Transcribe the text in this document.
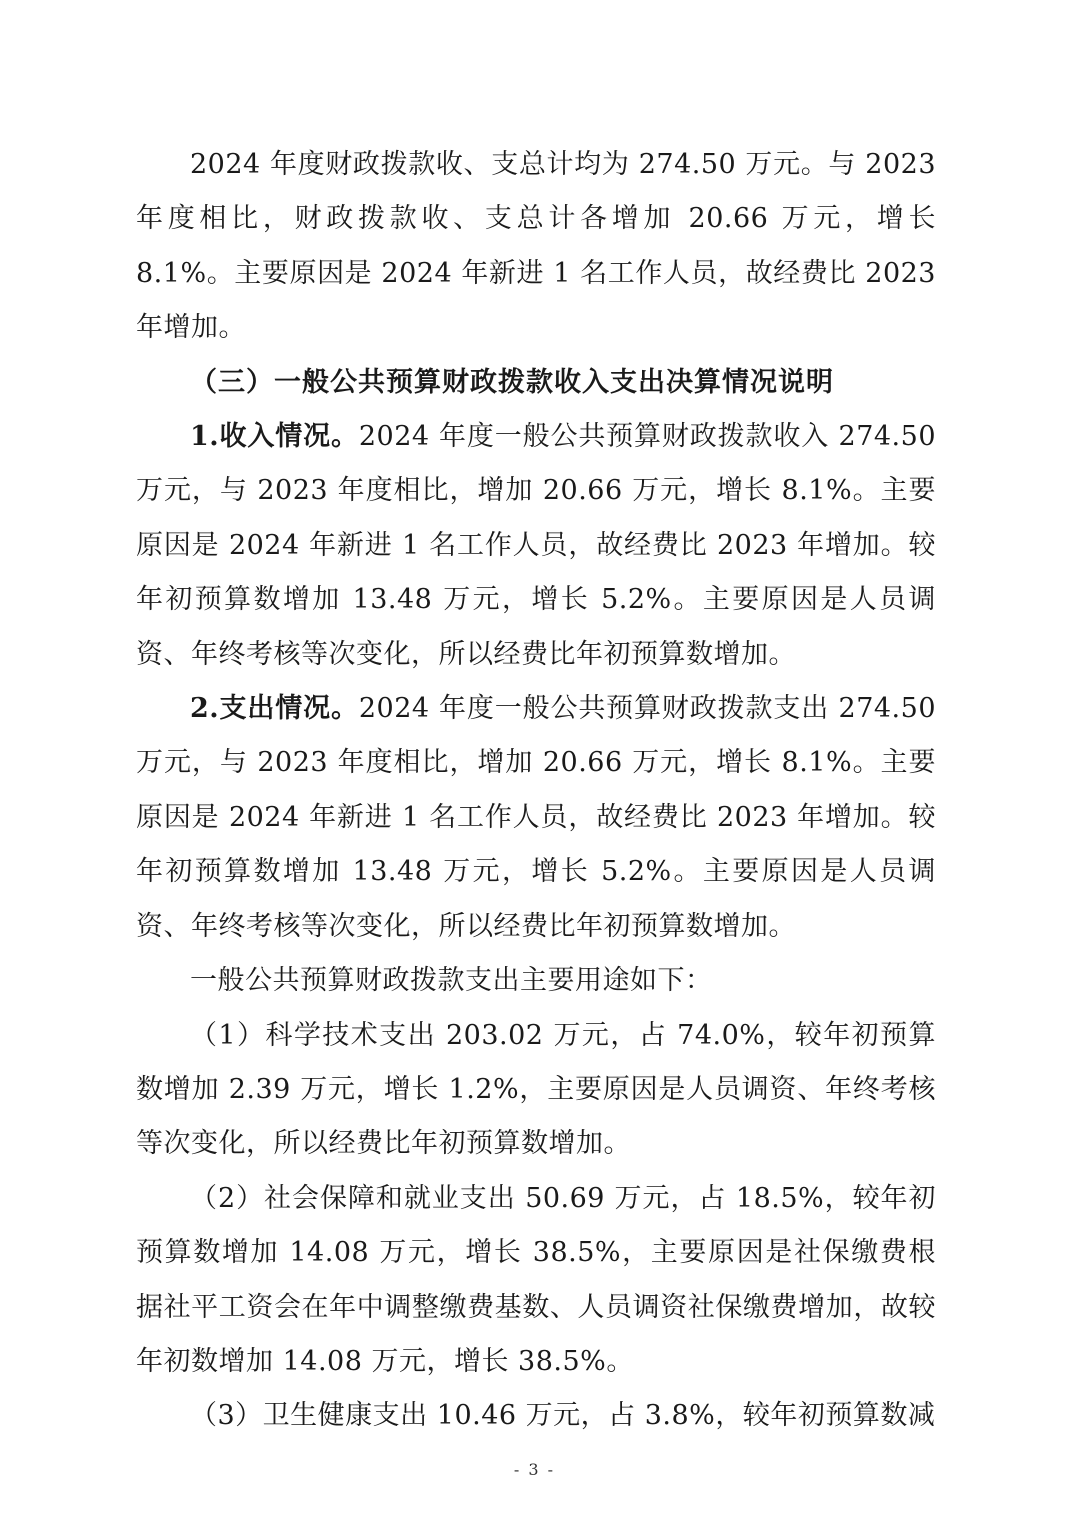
2024 年度财政拨款收、支总计均为 274.50 万元。与 2023 年度相比，财政拨款收、支总计各增加 20.66 万元，增长 8.1%。主要原因是 2024 年新进 1 名工作人员，故经费比 2023 年增加。

（三）一般公共预算财政拨款收入支出决算情况说明

1.收入情况。2024 年度一般公共预算财政拨款收入 274.50 万元，与 2023 年度相比，增加 20.66 万元，增长 8.1%。主要原因是 2024 年新进 1 名工作人员，故经费比 2023 年增加。较年初预算数增加 13.48 万元，增长 5.2%。主要原因是人员调资、年终考核等次变化，所以经费比年初预算数增加。

2.支出情况。2024 年度一般公共预算财政拨款支出 274.50 万元，与 2023 年度相比，增加 20.66 万元，增长 8.1%。主要原因是 2024 年新进 1 名工作人员，故经费比 2023 年增加。较年初预算数增加 13.48 万元，增长 5.2%。主要原因是人员调资、年终考核等次变化，所以经费比年初预算数增加。

一般公共预算财政拨款支出主要用途如下：

（1）科学技术支出 203.02 万元，占 74.0%，较年初预算数增加 2.39 万元，增长 1.2%，主要原因是人员调资、年终考核等次变化，所以经费比年初预算数增加。

（2）社会保障和就业支出 50.69 万元，占 18.5%，较年初预算数增加 14.08 万元，增长 38.5%，主要原因是社保缴费根据社平工资会在年中调整缴费基数、人员调资社保缴费增加，故较年初数增加 14.08 万元，增长 38.5%。

（3）卫生健康支出 10.46 万元，占 3.8%，较年初预算数减

- 3 -
